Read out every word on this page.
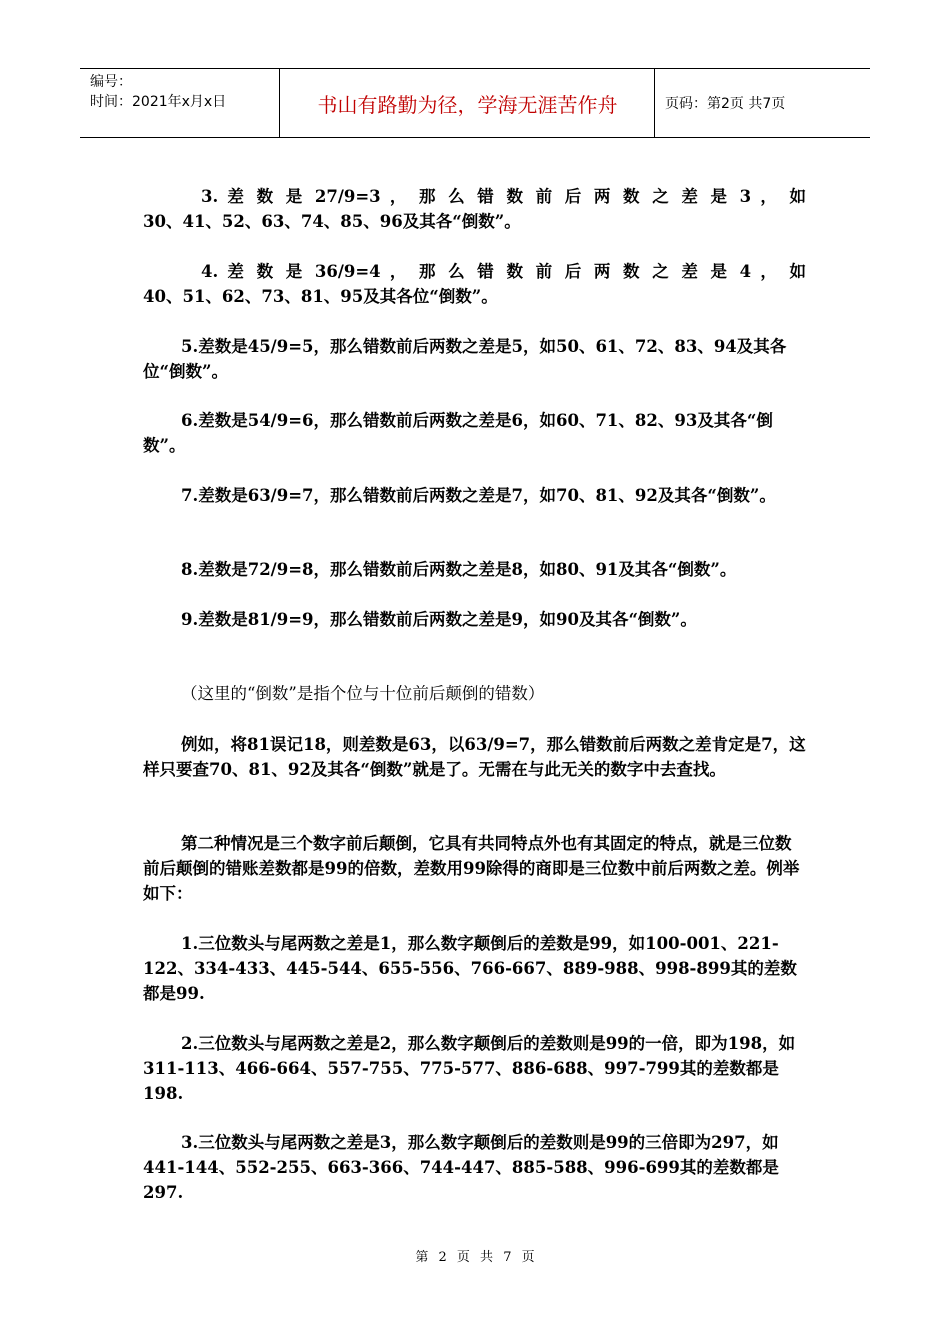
编号：
时间：2021年x月x日	书山有路勤为径，学海无涯苦作舟	页码：第2页 共7页

3. 差 数 是 27/9=3 ， 那 么 错 数 前 后 两 数 之 差 是 3 ， 如

30、41、52、63、74、85、96及其各“倒数”。

4. 差 数 是 36/9=4 ， 那 么 错 数 前 后 两 数 之 差 是 4 ， 如

40、51、62、73、81、95及其各位“倒数”。

5.差数是45/9=5，那么错数前后两数之差是5，如50、61、72、83、94及其各位“倒数”。

6.差数是54/9=6，那么错数前后两数之差是6，如60、71、82、93及其各“倒数”。

7.差数是63/9=7，那么错数前后两数之差是7，如70、81、92及其各“倒数”。

8.差数是72/9=8，那么错数前后两数之差是8，如80、91及其各“倒数”。

9.差数是81/9=9，那么错数前后两数之差是9，如90及其各“倒数”。

（这里的“倒数”是指个位与十位前后颠倒的错数）

例如，将81误记18，则差数是63，以63/9=7，那么错数前后两数之差肯定是7，这样只要查70、81、92及其各“倒数”就是了。无需在与此无关的数字中去查找。

第二种情况是三个数字前后颠倒，它具有共同特点外也有其固定的特点，就是三位数前后颠倒的错账差数都是99的倍数，差数用99除得的商即是三位数中前后两数之差。例举如下：

1.三位数头与尾两数之差是1，那么数字颠倒后的差数是99，如100-001、221-122、334-433、445-544、655-556、766-667、889-988、998-899其的差数都是99.

2.三位数头与尾两数之差是2，那么数字颠倒后的差数则是99的一倍，即为198，如311-113、466-664、557-755、775-577、886-688、997-799其的差数都是198.

3.三位数头与尾两数之差是3，那么数字颠倒后的差数则是99的三倍即为297，如441-144、552-255、663-366、744-447、885-588、996-699其的差数都是297.

第 2 页 共 7 页
